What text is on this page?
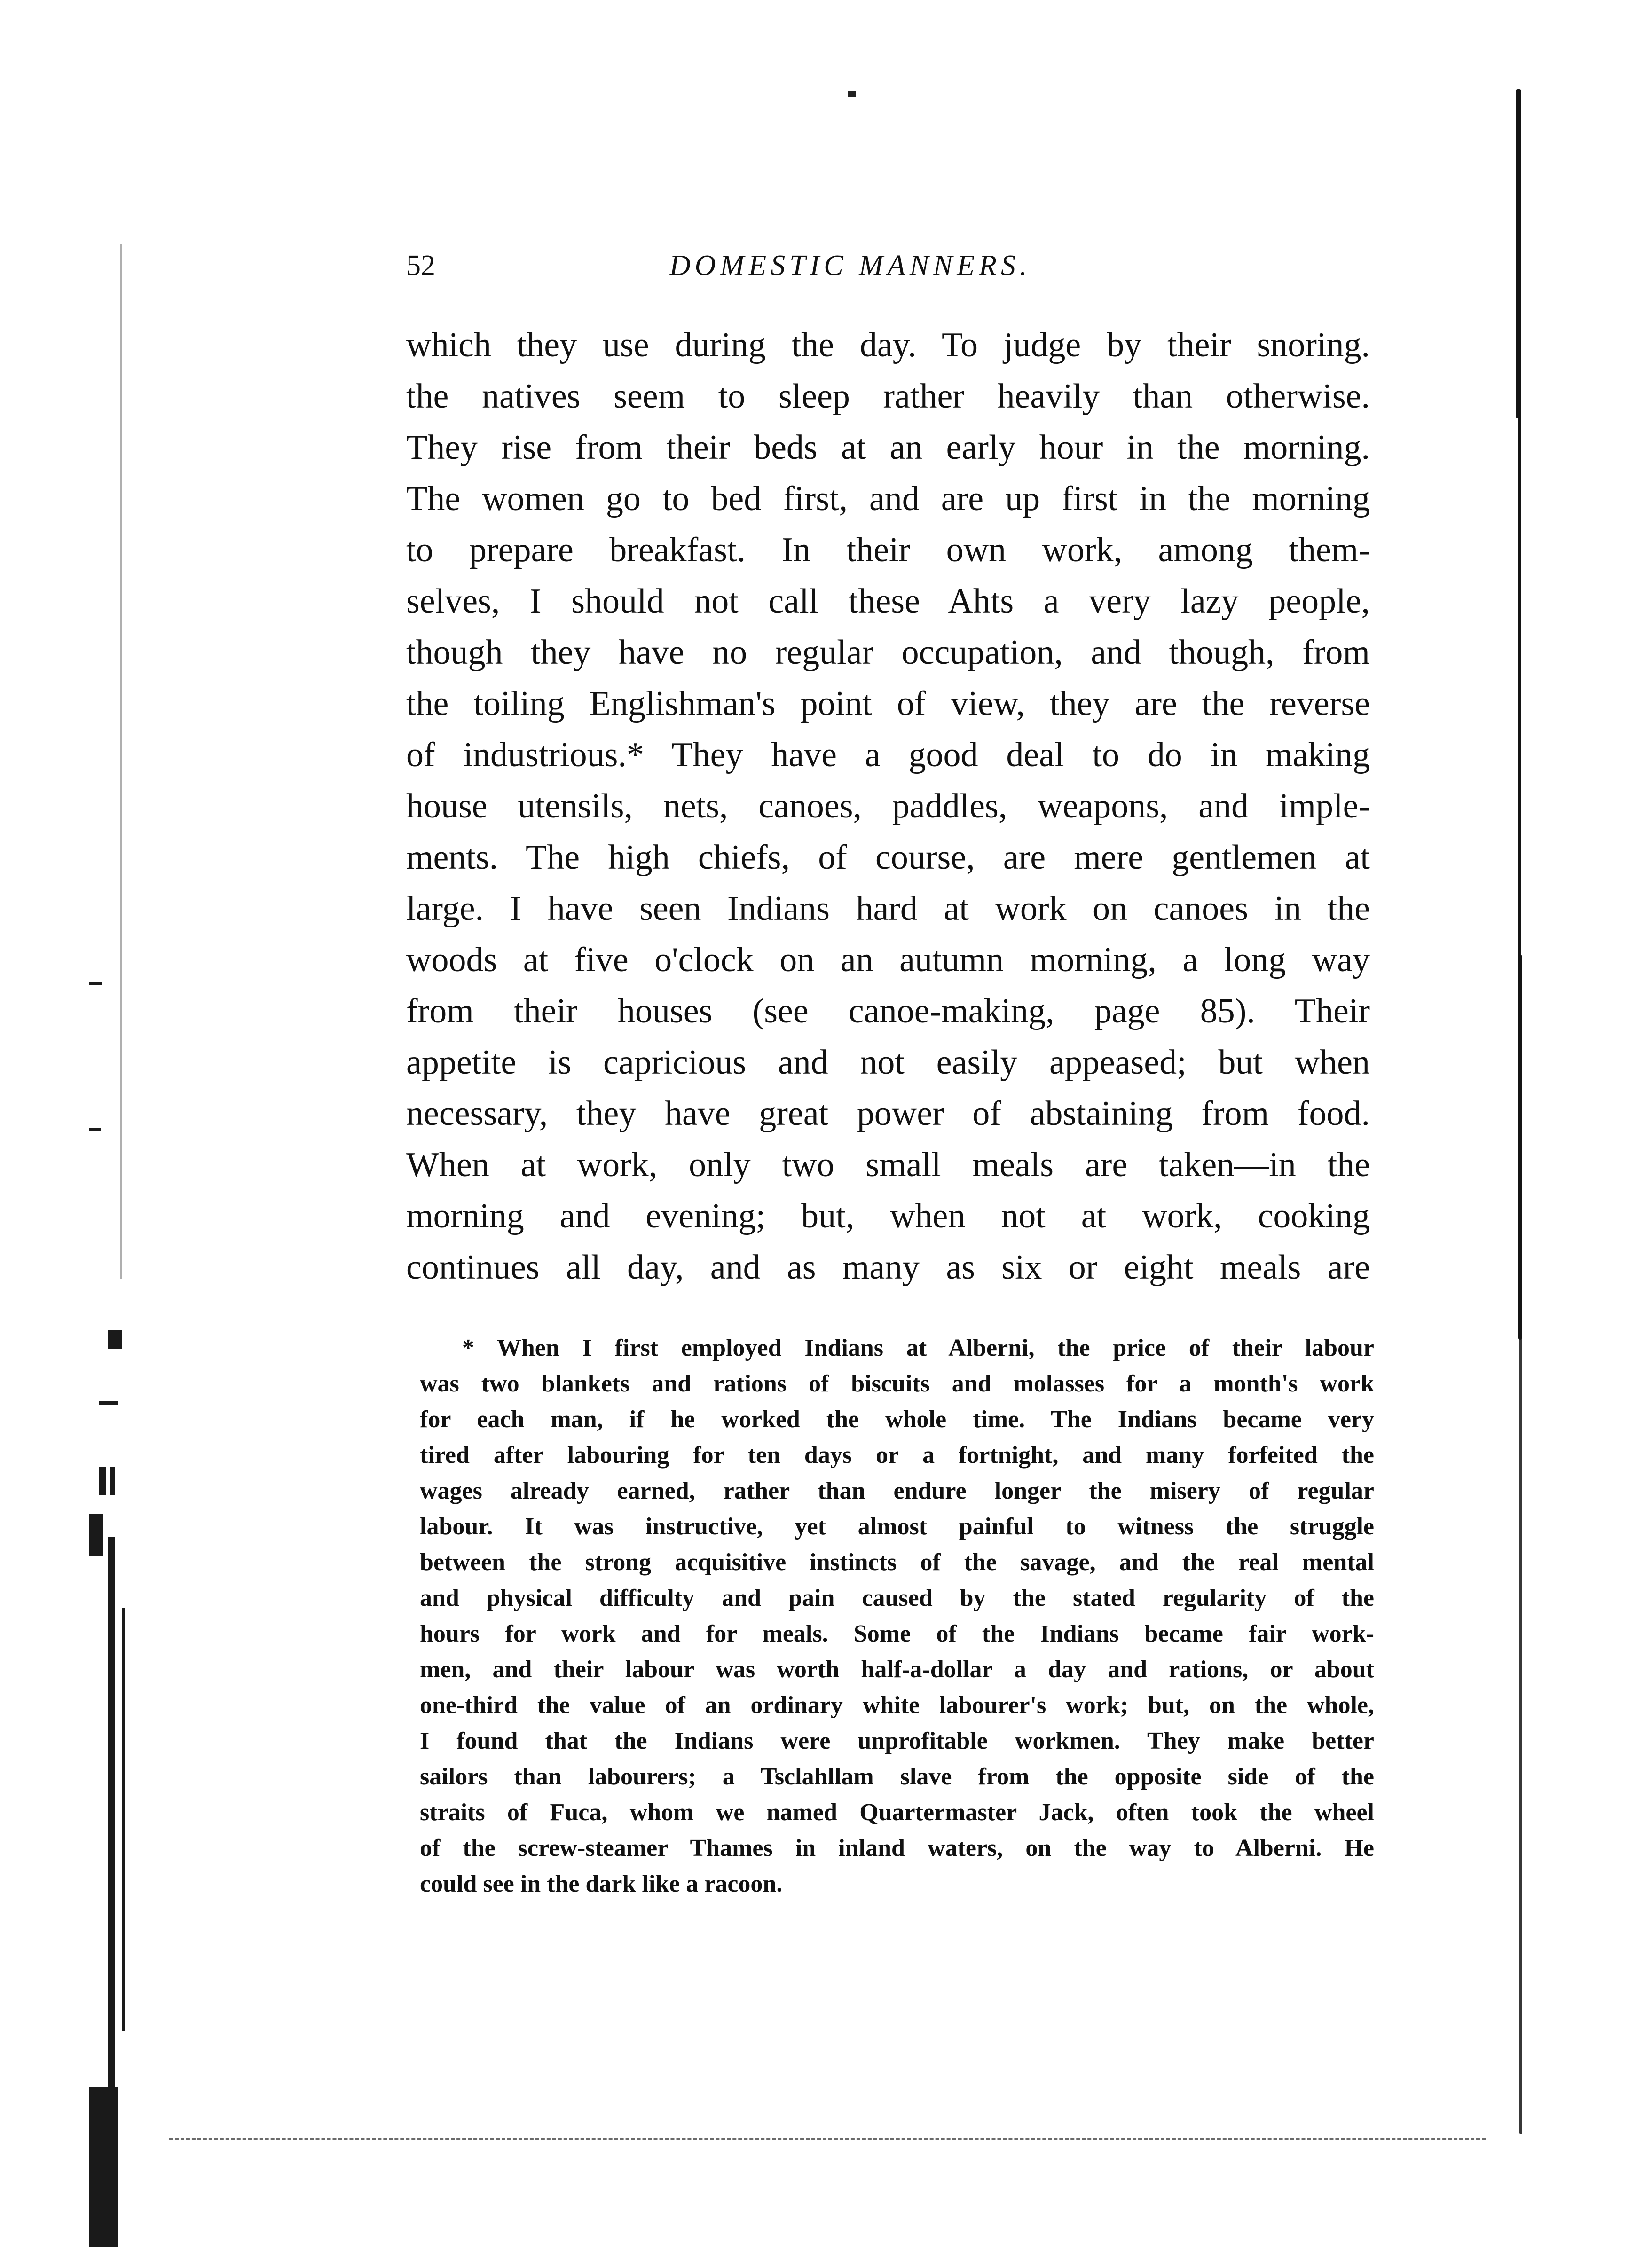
52	DOMESTIC MANNERS.
which they use during the day. To judge by their snoring.
the natives seem to sleep rather heavily than otherwise.
They rise from their beds at an early hour in the morning.
The women go to bed first, and are up first in the morning
to prepare breakfast. In their own work, among them-
selves, I should not call these Ahts a very lazy people,
though they have no regular occupation, and though, from
the toiling Englishman's point of view, they are the reverse
of industrious.* They have a good deal to do in making
house utensils, nets, canoes, paddles, weapons, and imple-
ments. The high chiefs, of course, are mere gentlemen at
large. I have seen Indians hard at work on canoes in the
woods at five o'clock on an autumn morning, a long way
from their houses (see canoe-making, page 85). Their
appetite is capricious and not easily appeased; but when
necessary, they have great power of abstaining from food.
When at work, only two small meals are taken—in the
morning and evening; but, when not at work, cooking
continues all day, and as many as six or eight meals are
* When I first employed Indians at Alberni, the price of their labour
was two blankets and rations of biscuits and molasses for a month's work
for each man, if he worked the whole time. The Indians became very
tired after labouring for ten days or a fortnight, and many forfeited the
wages already earned, rather than endure longer the misery of regular
labour. It was instructive, yet almost painful to witness the struggle
between the strong acquisitive instincts of the savage, and the real mental
and physical difficulty and pain caused by the stated regularity of the
hours for work and for meals. Some of the Indians became fair work-
men, and their labour was worth half-a-dollar a day and rations, or about
one-third the value of an ordinary white labourer's work; but, on the whole,
I found that the Indians were unprofitable workmen. They make better
sailors than labourers; a Tsclahllam slave from the opposite side of the
straits of Fuca, whom we named Quartermaster Jack, often took the wheel
of the screw-steamer Thames in inland waters, on the way to Alberni. He
could see in the dark like a racoon.
